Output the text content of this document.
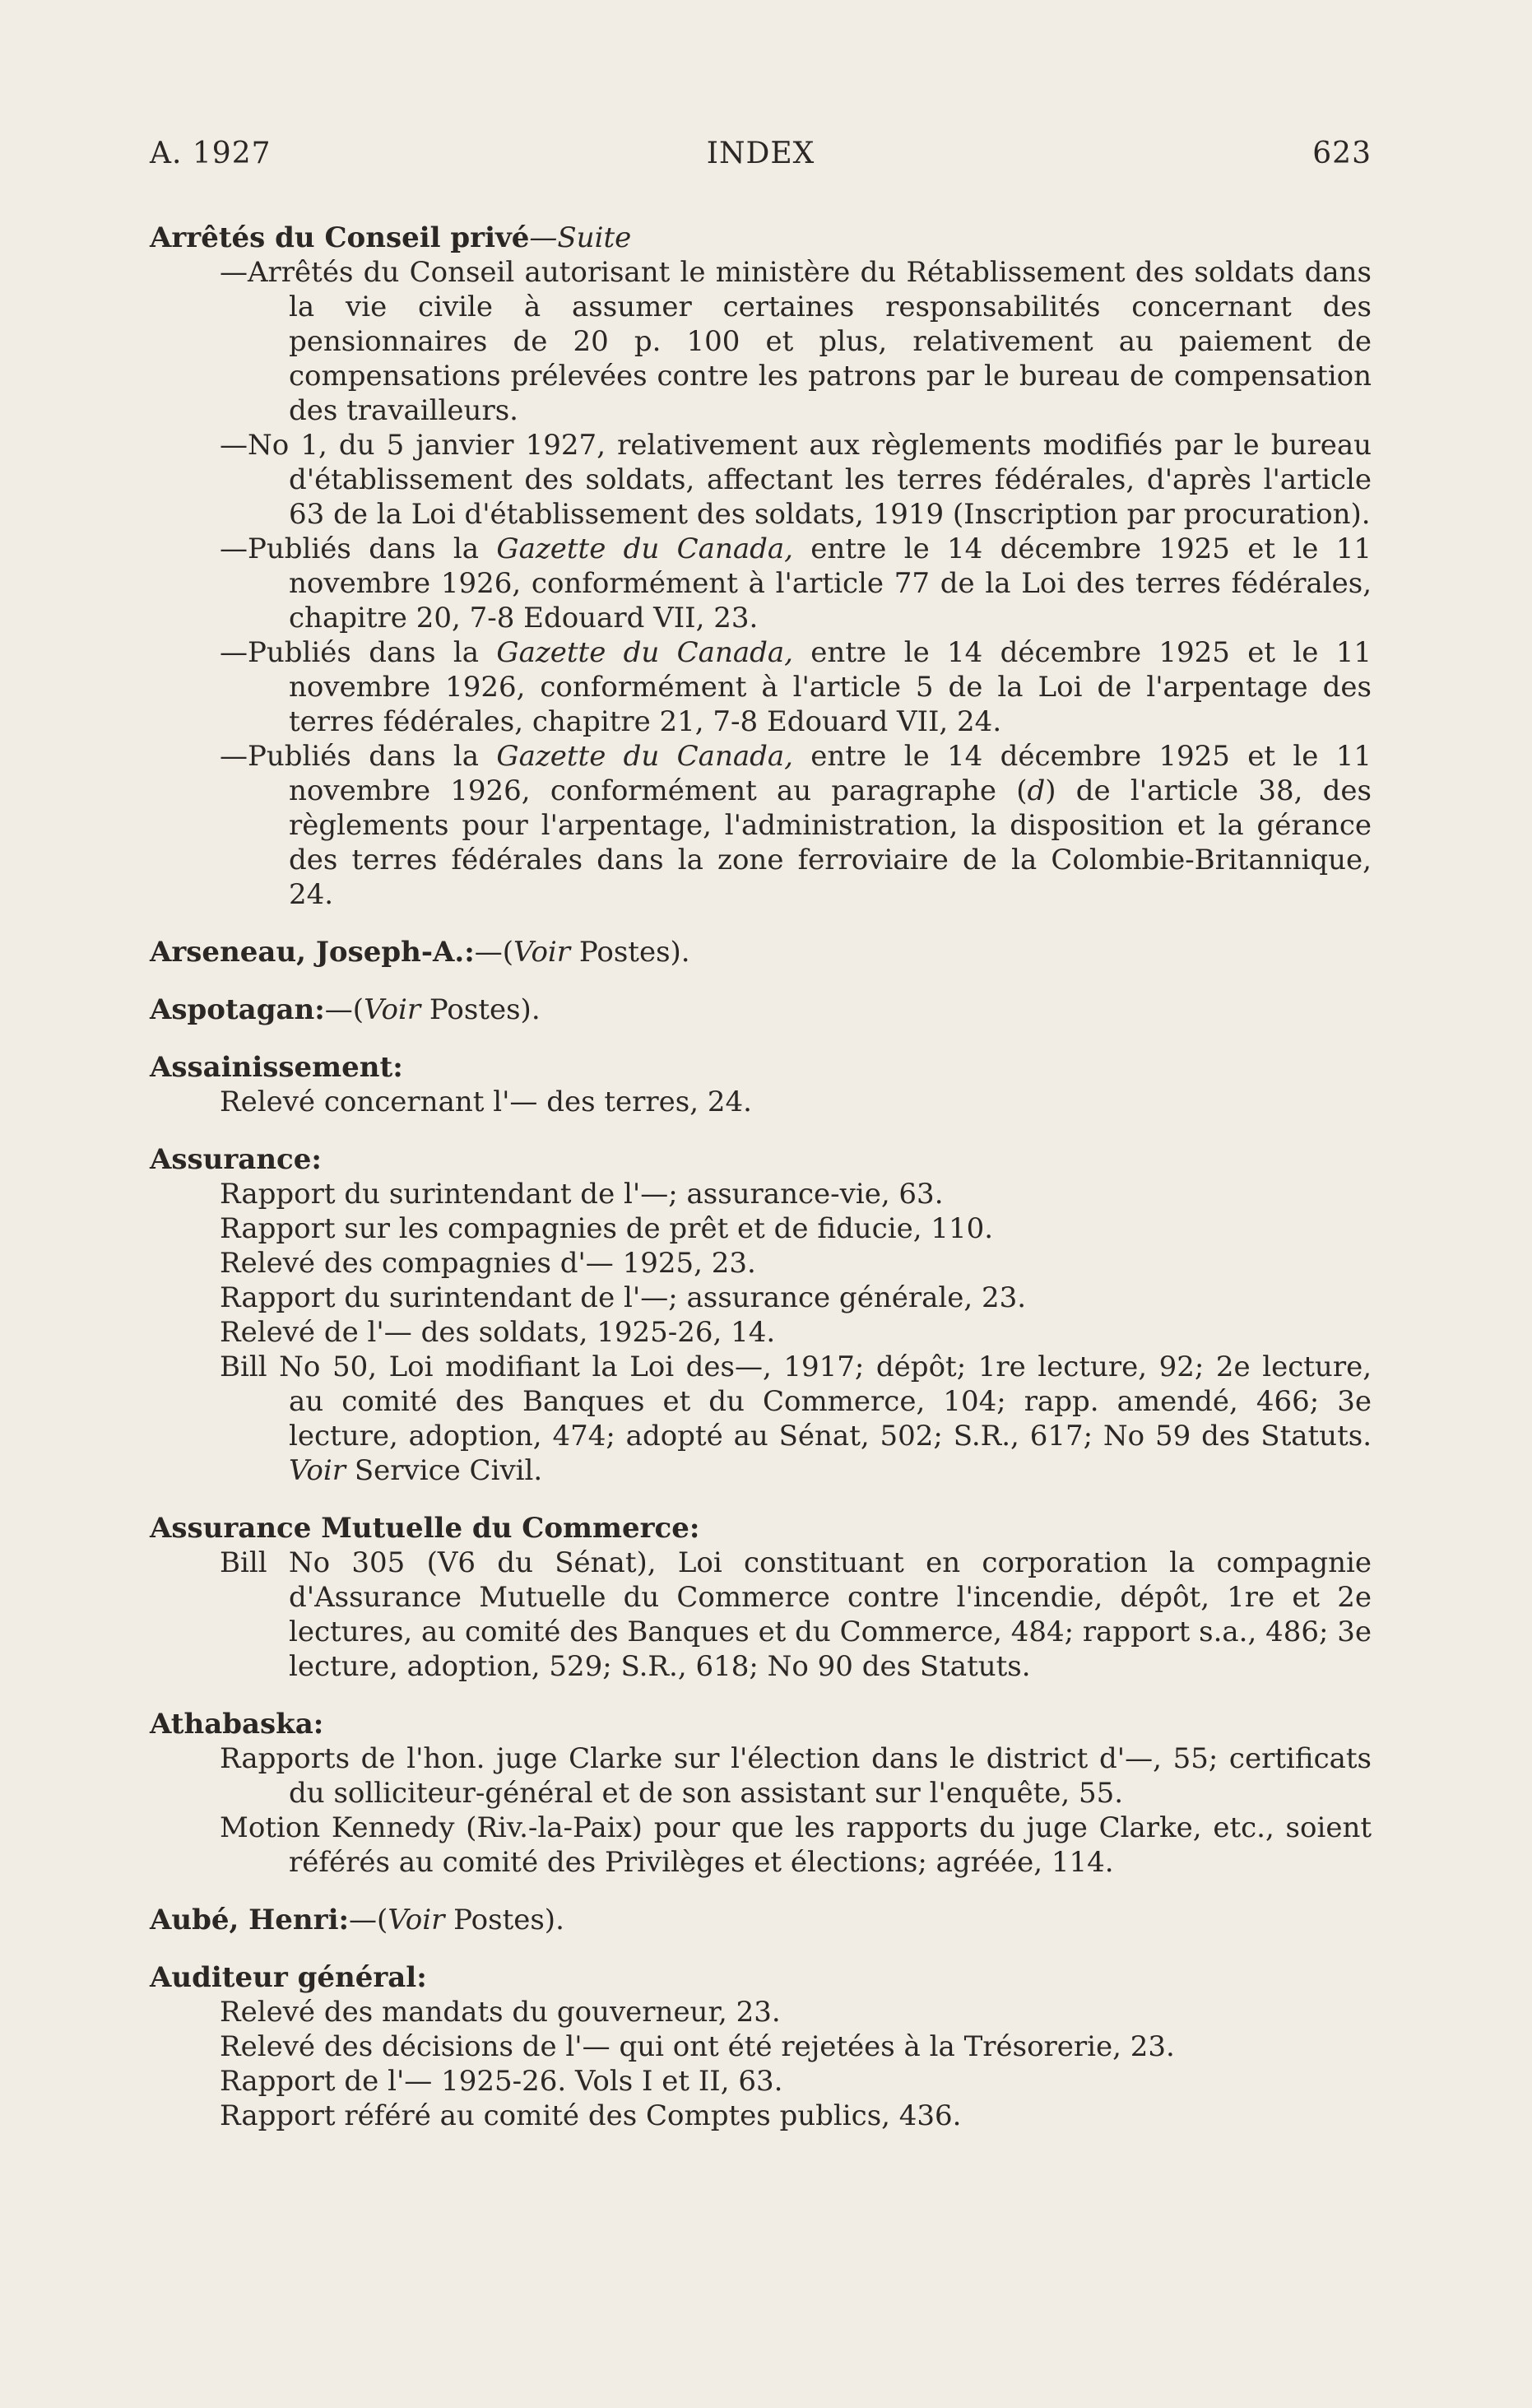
A. 1927	INDEX	623
Arrêtés du Conseil privé—Suite

—Arrêtés du Conseil autorisant le ministère du Rétablissement des soldats dans la vie civile à assumer certaines responsabilités concernant des pensionnaires de 20 p. 100 et plus, relativement au paiement de compensations prélevées contre les patrons par le bureau de compensation des travailleurs.

—No 1, du 5 janvier 1927, relativement aux règlements modifiés par le bureau d'établissement des soldats, affectant les terres fédérales, d'après l'article 63 de la Loi d'établissement des soldats, 1919 (Inscription par procuration).

—Publiés dans la Gazette du Canada, entre le 14 décembre 1925 et le 11 novembre 1926, conformément à l'article 77 de la Loi des terres fédérales, chapitre 20, 7-8 Edouard VII, 23.

—Publiés dans la Gazette du Canada, entre le 14 décembre 1925 et le 11 novembre 1926, conformément à l'article 5 de la Loi de l'arpentage des terres fédérales, chapitre 21, 7-8 Edouard VII, 24.

—Publiés dans la Gazette du Canada, entre le 14 décembre 1925 et le 11 novembre 1926, conformément au paragraphe (d) de l'article 38, des règlements pour l'arpentage, l'administration, la disposition et la gérance des terres fédérales dans la zone ferroviaire de la Colombie-Britannique, 24.

Arseneau, Joseph-A.:—(Voir Postes).
Aspotagan:—(Voir Postes).
Assainissement:

Relevé concernant l'— des terres, 24.

Assurance:

Rapport du surintendant de l'—; assurance-vie, 63.

Rapport sur les compagnies de prêt et de fiducie, 110.

Relevé des compagnies d'— 1925, 23.

Rapport du surintendant de l'—; assurance générale, 23.

Relevé de l'— des soldats, 1925-26, 14.

Bill No 50, Loi modifiant la Loi des—, 1917; dépôt; 1re lecture, 92; 2e lecture, au comité des Banques et du Commerce, 104; rapp. amendé, 466; 3e lecture, adoption, 474; adopté au Sénat, 502; S.R., 617; No 59 des Statuts. Voir Service Civil.

Assurance Mutuelle du Commerce:

Bill No 305 (V6 du Sénat), Loi constituant en corporation la compagnie d'Assurance Mutuelle du Commerce contre l'incendie, dépôt, 1re et 2e lectures, au comité des Banques et du Commerce, 484; rapport s.a., 486; 3e lecture, adoption, 529; S.R., 618; No 90 des Statuts.

Athabaska:

Rapports de l'hon. juge Clarke sur l'élection dans le district d'—, 55; certificats du solliciteur-général et de son assistant sur l'enquête, 55.

Motion Kennedy (Riv.-la-Paix) pour que les rapports du juge Clarke, etc., soient référés au comité des Privilèges et élections; agréée, 114.

Aubé, Henri:—(Voir Postes).
Auditeur général:

Relevé des mandats du gouverneur, 23.

Relevé des décisions de l'— qui ont été rejetées à la Trésorerie, 23.

Rapport de l'— 1925-26. Vols I et II, 63.

Rapport référé au comité des Comptes publics, 436.
